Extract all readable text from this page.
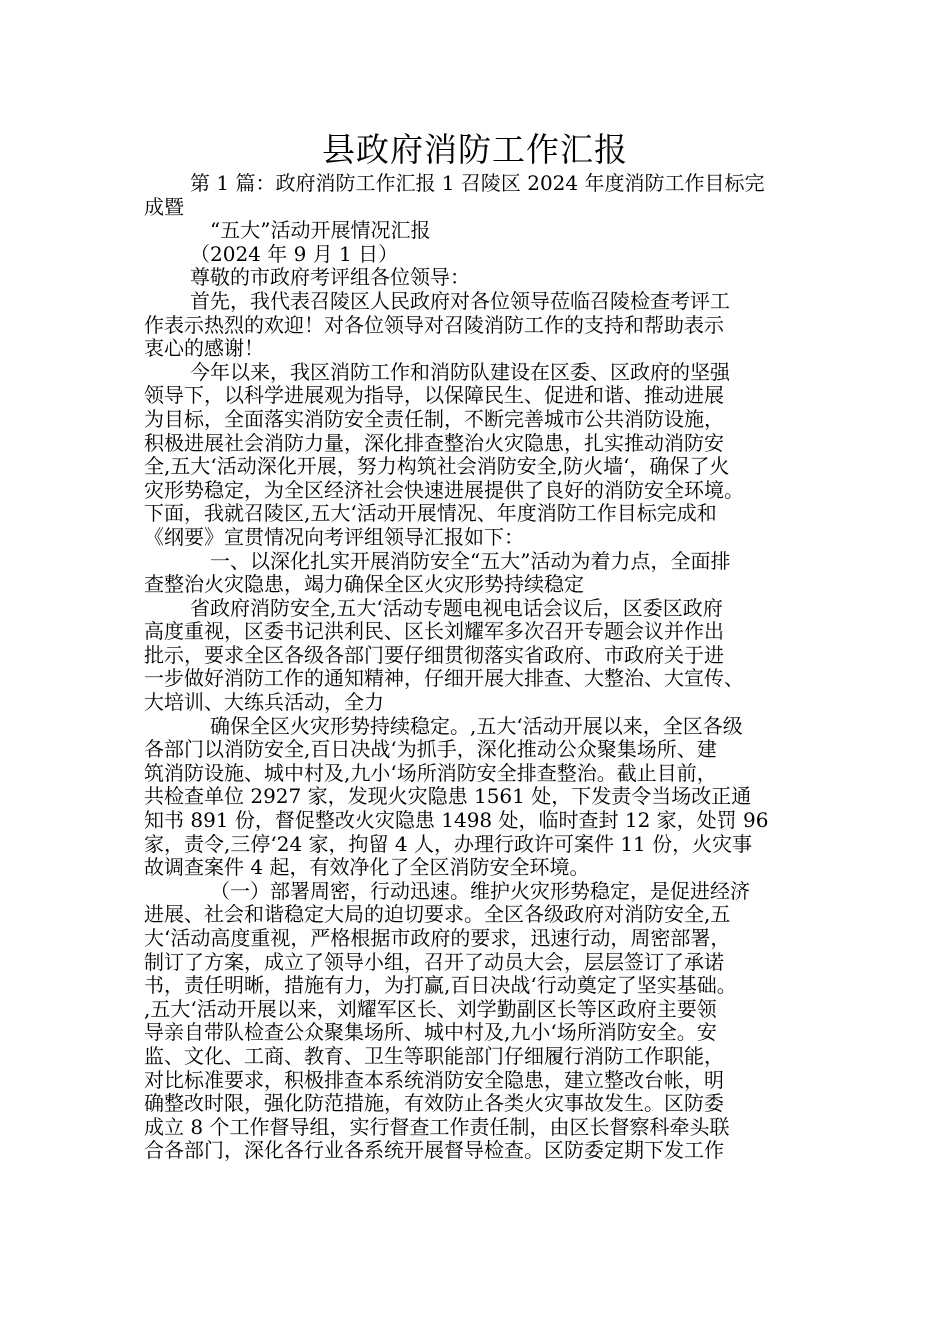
县政府消防工作汇报
第 1 篇：政府消防工作汇报 1 召陵区 2024 年度消防工作目标完
成暨
“五大”活动开展情况汇报
（2024 年 9 月 1 日）
尊敬的市政府考评组各位领导：
首先，我代表召陵区人民政府对各位领导莅临召陵检查考评工
作表示热烈的欢迎！对各位领导对召陵消防工作的支持和帮助表示
衷心的感谢！
今年以来，我区消防工作和消防队建设在区委、区政府的坚强
领导下，以科学进展观为指导，以保障民生、促进和谐、推动进展
为目标，全面落实消防安全责任制，不断完善城市公共消防设施，
积极进展社会消防力量，深化排查整治火灾隐患，扎实推动消防安
全,五大‘活动深化开展，努力构筑社会消防安全,防火墙‘，确保了火
灾形势稳定，为全区经济社会快速进展提供了良好的消防安全环境。
下面，我就召陵区,五大‘活动开展情况、年度消防工作目标完成和
《纲要》宣贯情况向考评组领导汇报如下：
一、以深化扎实开展消防安全“五大”活动为着力点，全面排
查整治火灾隐患，竭力确保全区火灾形势持续稳定
省政府消防安全,五大‘活动专题电视电话会议后，区委区政府
高度重视，区委书记洪利民、区长刘耀军多次召开专题会议并作出
批示，要求全区各级各部门要仔细贯彻落实省政府、市政府关于进
一步做好消防工作的通知精神，仔细开展大排查、大整治、大宣传、
大培训、大练兵活动，全力
确保全区火灾形势持续稳定。,五大‘活动开展以来，全区各级
各部门以消防安全,百日决战‘为抓手，深化推动公众聚集场所、建
筑消防设施、城中村及,九小‘场所消防安全排查整治。截止目前，
共检查单位 2927 家，发现火灾隐患 1561 处，下发责令当场改正通
知书 891 份，督促整改火灾隐患 1498 处，临时查封 12 家，处罚 96
家，责令,三停‘24 家，拘留 4 人，办理行政许可案件 11 份，火灾事
故调查案件 4 起，有效净化了全区消防安全环境。
（一）部署周密，行动迅速。维护火灾形势稳定，是促进经济
进展、社会和谐稳定大局的迫切要求。全区各级政府对消防安全,五
大‘活动高度重视，严格根据市政府的要求，迅速行动，周密部署，
制订了方案，成立了领导小组，召开了动员大会，层层签订了承诺
书，责任明晰，措施有力，为打赢,百日决战‘行动奠定了坚实基础。
,五大‘活动开展以来，刘耀军区长、刘学勤副区长等区政府主要领
导亲自带队检查公众聚集场所、城中村及,九小‘场所消防安全。安
监、文化、工商、教育、卫生等职能部门仔细履行消防工作职能，
对比标准要求，积极排查本系统消防安全隐患，建立整改台帐，明
确整改时限，强化防范措施，有效防止各类火灾事故发生。区防委
成立 8 个工作督导组，实行督查工作责任制，由区长督察科牵头联
合各部门，深化各行业各系统开展督导检查。区防委定期下发工作
